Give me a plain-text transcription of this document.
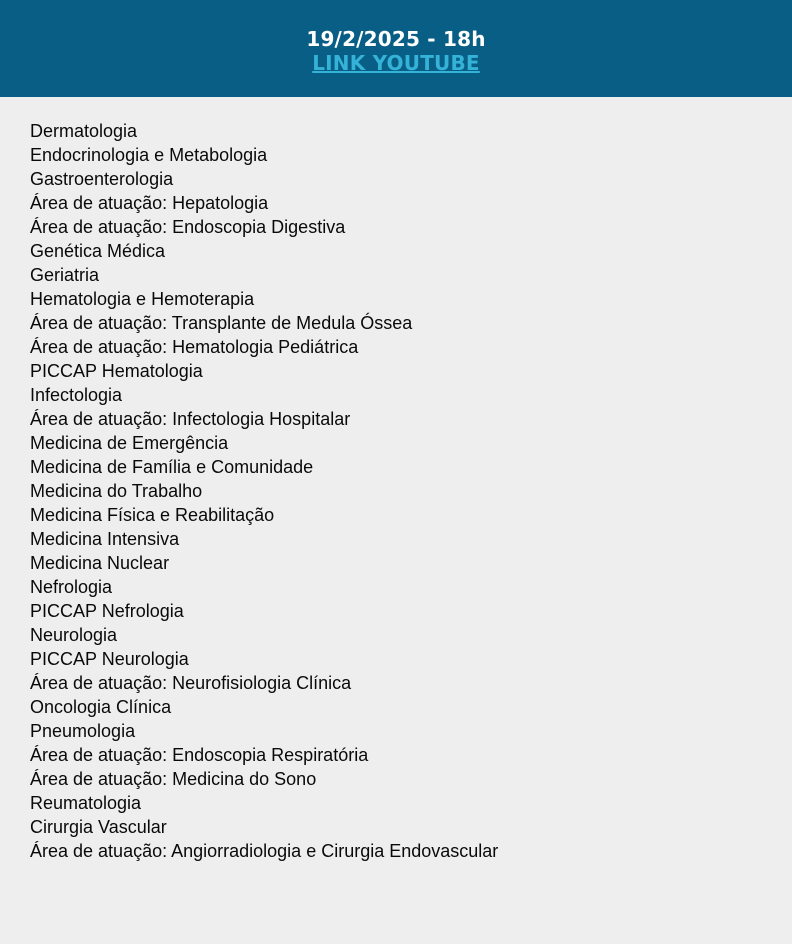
19/2/2025 - 18h
LINK YOUTUBE
Dermatologia
Endocrinologia e Metabologia
Gastroenterologia
Área de atuação: Hepatologia
Área de atuação: Endoscopia Digestiva
Genética Médica
Geriatria
Hematologia e Hemoterapia
Área de atuação: Transplante de Medula Óssea
Área de atuação: Hematologia Pediátrica
PICCAP Hematologia
Infectologia
Área de atuação: Infectologia Hospitalar
Medicina de Emergência
Medicina de Família e Comunidade
Medicina do Trabalho
Medicina Física e Reabilitação
Medicina Intensiva
Medicina Nuclear
Nefrologia
PICCAP Nefrologia
Neurologia
PICCAP Neurologia
Área de atuação: Neurofisiologia Clínica
Oncologia Clínica
Pneumologia
Área de atuação: Endoscopia Respiratória
Área de atuação: Medicina do Sono
Reumatologia
Cirurgia Vascular
Área de atuação: Angiorradiologia e Cirurgia Endovascular
